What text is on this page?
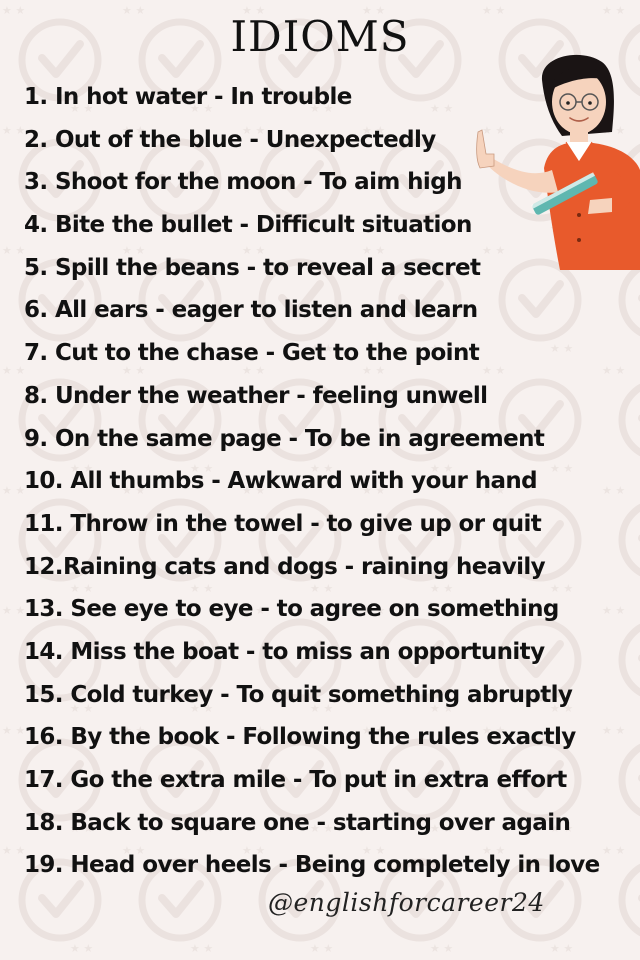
IDIOMS
1. In hot water - In trouble
2. Out of the blue - Unexpectedly
3. Shoot for the moon - To aim high
4. Bite the bullet - Difficult situation
5. Spill the beans - to reveal a secret
6. All ears - eager to listen and learn
7. Cut to the chase - Get to the point
8. Under the weather - feeling unwell
9. On the same page - To be in agreement
10. All thumbs - Awkward with your hand
11. Throw in the towel - to give up or quit
12.Raining cats and dogs - raining heavily
13. See eye to eye - to agree on something
14. Miss the boat - to miss an opportunity
15. Cold turkey - To quit something abruptly
16. By the book - Following the rules exactly
17. Go the extra mile - To put in extra effort
18. Back to square one - starting over again
19. Head over heels - Being completely in love
@englishforcareer24
